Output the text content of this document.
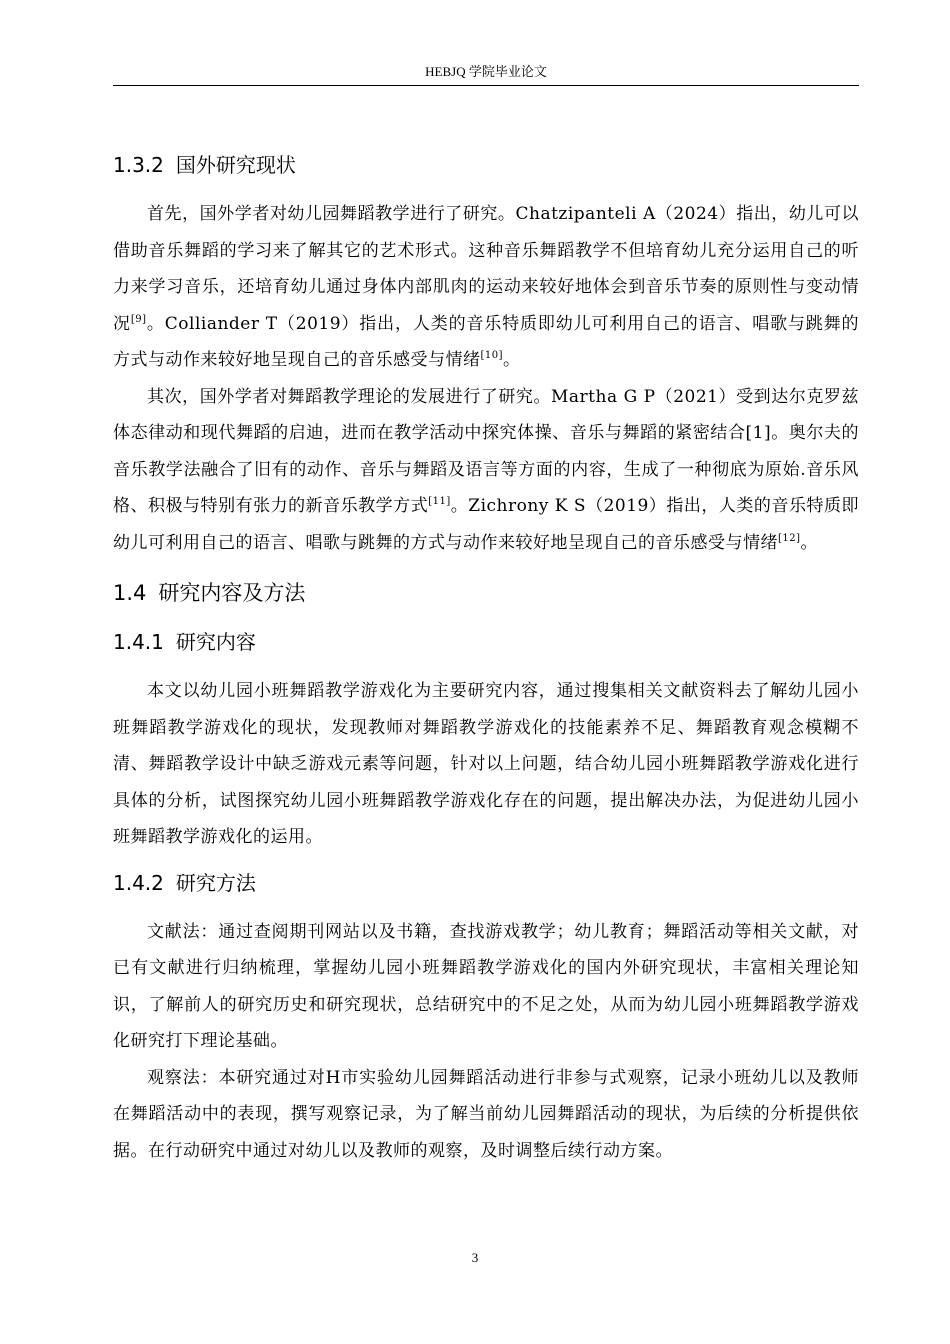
HEBJQ 学院毕业论文
1.3.2 国外研究现状

首先，国外学者对幼儿园舞蹈教学进行了研究。Chatzipanteli A（2024）指出，幼儿可以借助音乐舞蹈的学习来了解其它的艺术形式。这种音乐舞蹈教学不但培育幼儿充分运用自己的听力来学习音乐，还培育幼儿通过身体内部肌肉的运动来较好地体会到音乐节奏的原则性与变动情况[9]。Colliander T（2019）指出，人类的音乐特质即幼儿可利用自己的语言、唱歌与跳舞的方式与动作来较好地呈现自己的音乐感受与情绪[10]。

其次，国外学者对舞蹈教学理论的发展进行了研究。Martha G P（2021）受到达尔克罗兹体态律动和现代舞蹈的启迪，进而在教学活动中探究体操、音乐与舞蹈的紧密结合[1]。奥尔夫的音乐教学法融合了旧有的动作、音乐与舞蹈及语言等方面的内容，生成了一种彻底为原始.音乐风格、积极与特别有张力的新音乐教学方式[11]。Zichrony K S（2019）指出，人类的音乐特质即幼儿可利用自己的语言、唱歌与跳舞的方式与动作来较好地呈现自己的音乐感受与情绪[12]。

1.4 研究内容及方法
1.4.1 研究内容

本文以幼儿园小班舞蹈教学游戏化为主要研究内容，通过搜集相关文献资料去了解幼儿园小班舞蹈教学游戏化的现状，发现教师对舞蹈教学游戏化的技能素养不足、舞蹈教育观念模糊不清、舞蹈教学设计中缺乏游戏元素等问题，针对以上问题，结合幼儿园小班舞蹈教学游戏化进行具体的分析，试图探究幼儿园小班舞蹈教学游戏化存在的问题，提出解决办法，为促进幼儿园小班舞蹈教学游戏化的运用。

1.4.2 研究方法

文献法：通过查阅期刊网站以及书籍，查找游戏教学；幼儿教育；舞蹈活动等相关文献，对已有文献进行归纳梳理，掌握幼儿园小班舞蹈教学游戏化的国内外研究现状，丰富相关理论知识，了解前人的研究历史和研究现状，总结研究中的不足之处，从而为幼儿园小班舞蹈教学游戏化研究打下理论基础。

观察法：本研究通过对H市实验幼儿园舞蹈活动进行非参与式观察，记录小班幼儿以及教师在舞蹈活动中的表现，撰写观察记录，为了解当前幼儿园舞蹈活动的现状，为后续的分析提供依据。在行动研究中通过对幼儿以及教师的观察，及时调整后续行动方案。

3
